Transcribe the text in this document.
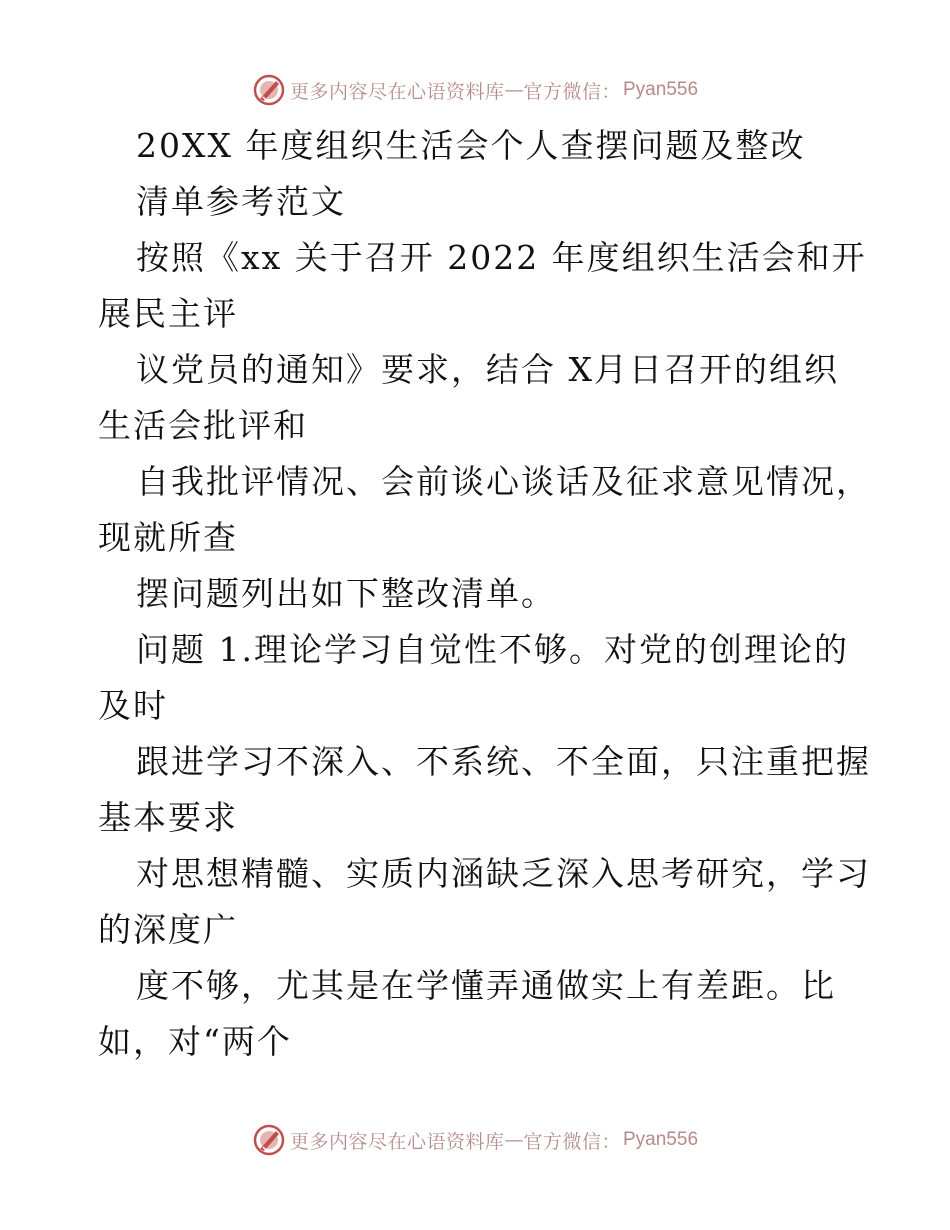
更多内容尽在心语资料库 — 官方微信： Pyan556
20XX 年度组织生活会个人查摆问题及整改
清单参考范文
按照《xx 关于召开 2022 年度组织生活会和开
展民主评
议党员的通知》要求，结合 X月日召开的组织
生活会批评和
自我批评情况、会前谈心谈话及征求意见情况，
现就所查
摆问题列出如下整改清单。
问题 1.理论学习自觉性不够。对党的创理论的
及时
跟进学习不深入、不系统、不全面，只注重把握
基本要求
对思想精髓、实质内涵缺乏深入思考研究，学习
的深度广
度不够，尤其是在学懂弄通做实上有差距。比
如，对“两个
更多内容尽在心语资料库 — 官方微信： Pyan556
